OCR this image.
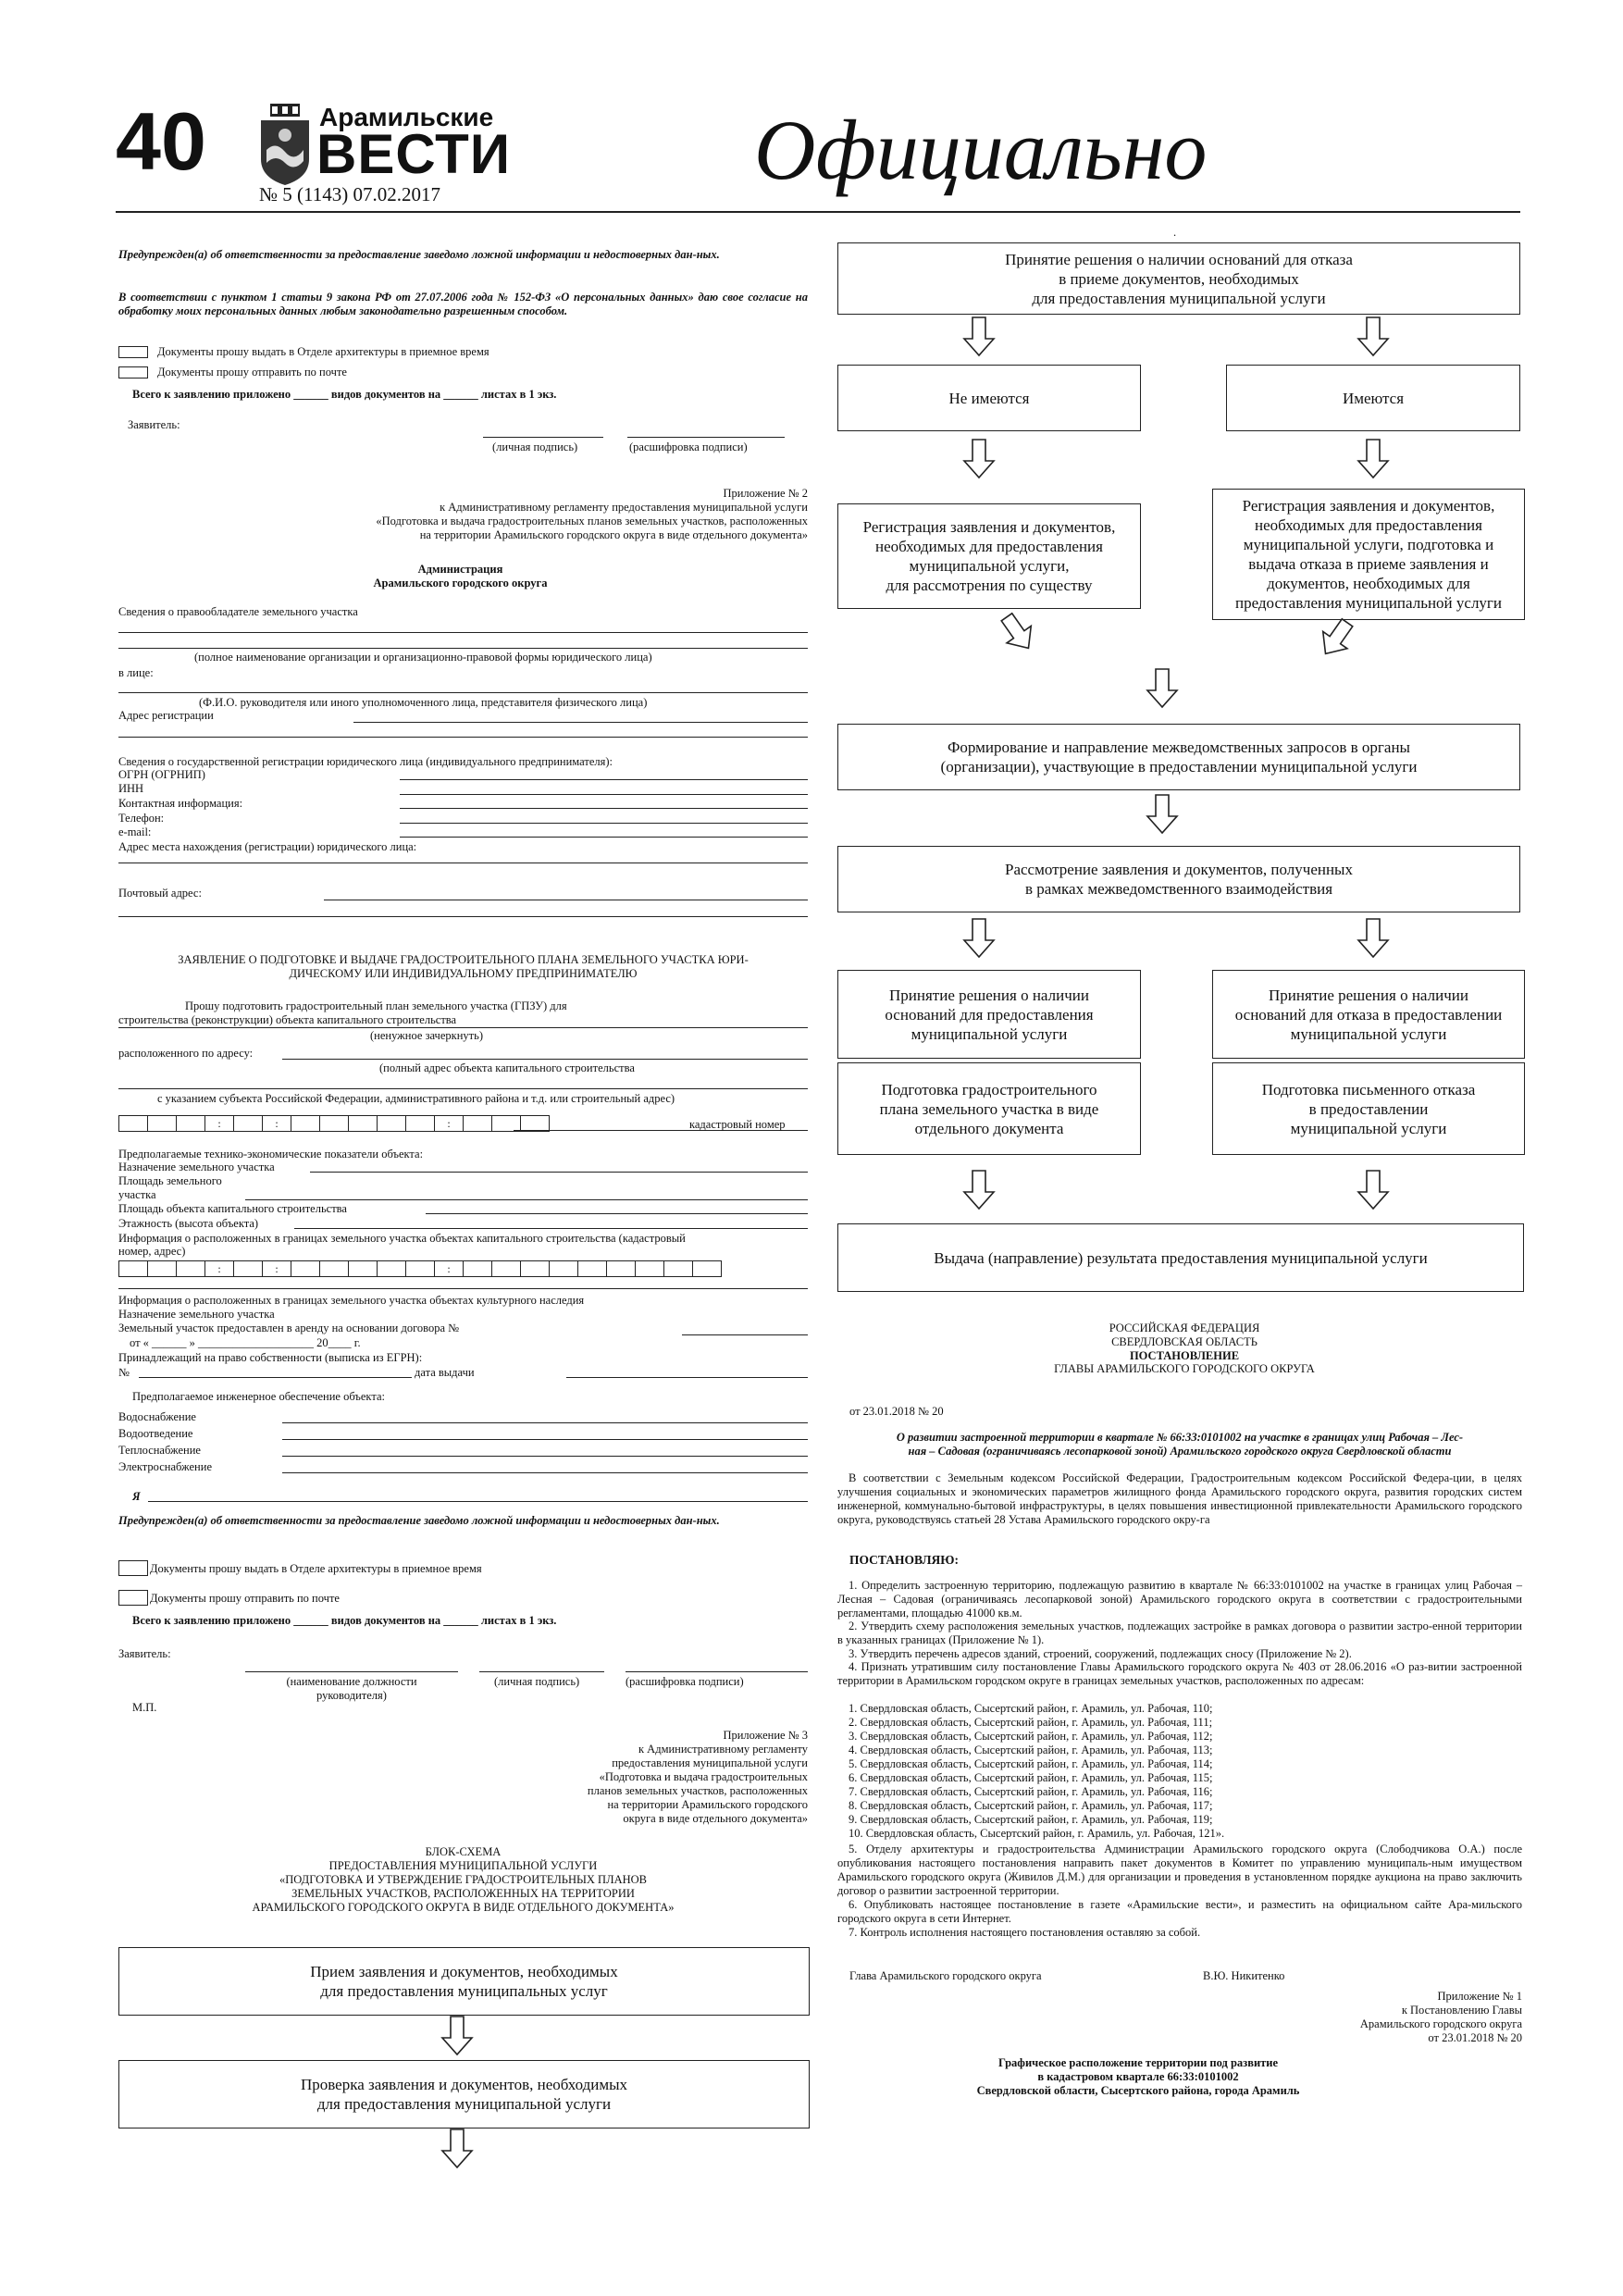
40	Арамильские
ВЕСТИ
№ 5 (1143) 07.02.2017	Официально
Предупрежден(а) об ответственности за предоставление заведомо ложной информации и недостоверных дан-ных.
В соответствии с пунктом 1 статьи 9 закона РФ от 27.07.2006 года № 152-ФЗ «О персональных данных» даю свое согласие на обработку моих персональных данных любым законодательно разрешенным способом.
Документы прошу выдать в Отделе архитектуры в приемное время
Документы прошу отправить по почте
Всего к заявлению приложено ______ видов документов на ______ листах в 1 экз.
Заявитель:
(личная подпись)	(расшифровка подписи)
Приложение № 2
к Административному регламенту предоставления муниципальной услуги
«Подготовка и выдача градостроительных планов земельных участков, расположенных
на территории Арамильского городского округа в виде отдельного документа»
Администрация
Арамильского городского округа
Сведения о правообладателе земельного участка
(полное наименование организации и организационно-правовой формы юридического лица)
в лице:
(Ф.И.О. руководителя или иного уполномоченного лица, представителя физического лица)
Адрес регистрации
Сведения о государственной регистрации юридического лица (индивидуального предпринимателя):
ОГРН (ОГРНИП)
ИНН
Контактная информация:
Телефон:
e-mail:
Адрес места нахождения (регистрации) юридического лица:
Почтовый адрес:
ЗАЯВЛЕНИЕ О ПОДГОТОВКЕ И ВЫДАЧЕ ГРАДОСТРОИТЕЛЬНОГО ПЛАНА ЗЕМЕЛЬНОГО УЧАСТКА ЮРИ-
ДИЧЕСКОМУ ИЛИ ИНДИВИДУАЛЬНОМУ ПРЕДПРИНИМАТЕЛЮ
Прошу подготовить градостроительный план земельного участка (ГПЗУ) для
строительства (реконструкции) объекта капитального строительства
(ненужное зачеркнуть)
расположенного по адресу:
(полный адрес объекта капитального строительства
с указанием субъекта Российской Федерации, административного района и т.д. или строительный адрес)
:	:	:	кадастровый номер
Предполагаемые технико-экономические показатели объекта:
Назначение земельного участка
Площадь земельного
участка
Площадь объекта капитального строительства
Этажность (высота объекта)
Информация о расположенных в границах земельного участка объектах капитального строительства (кадастровый
номер, адрес)
:	:	:
Информация о расположенных в границах земельного участка объектах культурного наследия
Назначение земельного участка
Земельный участок предоставлен в аренду на основании договора №
от « ______ » ____________________ 20____ г.
Принадлежащий на право собственности (выписка из ЕГРН):
№	дата выдачи
Предполагаемое инженерное обеспечение объекта:
Водоснабжение
Водоотведение
Теплоснабжение
Электроснабжение
Я
Предупрежден(а) об ответственности за предоставление заведомо ложной информации и недостоверных дан-ных.
Документы прошу выдать в Отделе архитектуры в приемное время
Документы прошу отправить по почте
Всего к заявлению приложено ______ видов документов на ______ листах в 1 экз.
Заявитель:
(наименование должности
руководителя)
(личная подпись)	(расшифровка подписи)
М.П.
Приложение № 3
к Административному регламенту
предоставления муниципальной услуги
«Подготовка и выдача градостроительных
планов земельных участков, расположенных
на территории Арамильского городского
округа в виде отдельного документа»
БЛОК-СХЕМА
ПРЕДОСТАВЛЕНИЯ МУНИЦИПАЛЬНОЙ УСЛУГИ
«ПОДГОТОВКА И УТВЕРЖДЕНИЕ ГРАДОСТРОИТЕЛЬНЫХ ПЛАНОВ
ЗЕМЕЛЬНЫХ УЧАСТКОВ, РАСПОЛОЖЕННЫХ НА ТЕРРИТОРИИ
АРАМИЛЬСКОГО ГОРОДСКОГО ОКРУГА В ВИДЕ ОТДЕЛЬНОГО ДОКУМЕНТА»
Прием заявления и документов, необходимых
для предоставления муниципальных услуг
Проверка заявления и документов, необходимых
для предоставления муниципальной услуги
.
Принятие решения о наличии оснований для отказа
в приеме документов, необходимых
для предоставления муниципальной услуги
Не имеются	Имеются
Регистрация заявления и документов,
необходимых для предоставления
муниципальной услуги,
для рассмотрения по существу
Регистрация заявления и документов,
необходимых для предоставления
муниципальной услуги, подготовка и
выдача отказа в приеме заявления и
документов, необходимых для
предоставления муниципальной услуги
Формирование и направление межведомственных запросов в органы
(организации), участвующие в предоставлении муниципальной услуги
Рассмотрение заявления и документов, полученных
в рамках межведомственного взаимодействия
Принятие решения о наличии
оснований для предоставления
муниципальной услуги
Принятие решения о наличии
оснований для отказа в предоставлении
муниципальной услуги
Подготовка градостроительного
плана земельного участка в виде
отдельного документа
Подготовка письменного отказа
в предоставлении
муниципальной услуги
Выдача (направление) результата предоставления муниципальной услуги
РОССИЙСКАЯ ФЕДЕРАЦИЯ
СВЕРДЛОВСКАЯ ОБЛАСТЬ
ПОСТАНОВЛЕНИЕ
ГЛАВЫ АРАМИЛЬСКОГО ГОРОДСКОГО ОКРУГА
от 23.01.2018 № 20
О развитии застроенной территории в квартале № 66:33:0101002 на участке в границах улиц Рабочая – Лес-
ная – Садовая (ограничиваясь лесопарковой зоной) Арамильского городского округа Свердловской области
В соответствии с Земельным кодексом Российской Федерации, Градостроительным кодексом Российской Федера-ции, в целях улучшения социальных и экономических параметров жилищного фонда Арамильского городского округа, развития городских систем инженерной, коммунально-бытовой инфраструктуры, в целях повышения инвестиционной привлекательности Арамильского городского округа, руководствуясь статьей 28 Устава Арамильского городского окру-га
ПОСТАНОВЛЯЮ:
1. Определить застроенную территорию, подлежащую развитию в квартале № 66:33:0101002 на участке в границах улиц Рабочая – Лесная – Садовая (ограничиваясь лесопарковой зоной) Арамильского городского округа в соответствии с градостроительными регламентами, площадью 41000 кв.м.
2. Утвердить схему расположения земельных участков, подлежащих застройке в рамках договора о развитии застро-енной территории в указанных границах (Приложение № 1).
3. Утвердить перечень адресов зданий, строений, сооружений, подлежащих сносу (Приложение № 2).
4. Признать утратившим силу постановление Главы Арамильского городского округа № 403 от 28.06.2016 «О раз-витии застроенной территории в Арамильском городском округе в границах земельных участков, расположенных по адресам:
1. Свердловская область, Сысертский район, г. Арамиль, ул. Рабочая, 110;
2. Свердловская область, Сысертский район, г. Арамиль, ул. Рабочая, 111;
3. Свердловская область, Сысертский район, г. Арамиль, ул. Рабочая, 112;
4. Свердловская область, Сысертский район, г. Арамиль, ул. Рабочая, 113;
5. Свердловская область, Сысертский район, г. Арамиль, ул. Рабочая, 114;
6. Свердловская область, Сысертский район, г. Арамиль, ул. Рабочая, 115;
7. Свердловская область, Сысертский район, г. Арамиль, ул. Рабочая, 116;
8. Свердловская область, Сысертский район, г. Арамиль, ул. Рабочая, 117;
9. Свердловская область, Сысертский район, г. Арамиль, ул. Рабочая, 119;
10. Свердловская область, Сысертский район, г. Арамиль, ул. Рабочая, 121».
5. Отделу архитектуры и градостроительства Администрации Арамильского городского округа (Слободчикова О.А.) после опубликования настоящего постановления направить пакет документов в Комитет по управлению муниципаль-ным имуществом Арамильского городского округа (Живилов Д.М.) для организации и проведения в установленном порядке аукциона на право заключить договор о развитии застроенной территории.
6. Опубликовать настоящее постановление в газете «Арамильские вести», и разместить на официальном сайте Ара-мильского городского округа в сети Интернет.
7. Контроль исполнения настоящего постановления оставляю за собой.
Глава Арамильского городского округа	В.Ю. Никитенко
Приложение № 1
к Постановлению Главы
Арамильского городского округа
от 23.01.2018 № 20
Графическое расположение территории под развитие
в кадастровом квартале 66:33:0101002
Свердловской области, Сысертского района, города Арамиль
